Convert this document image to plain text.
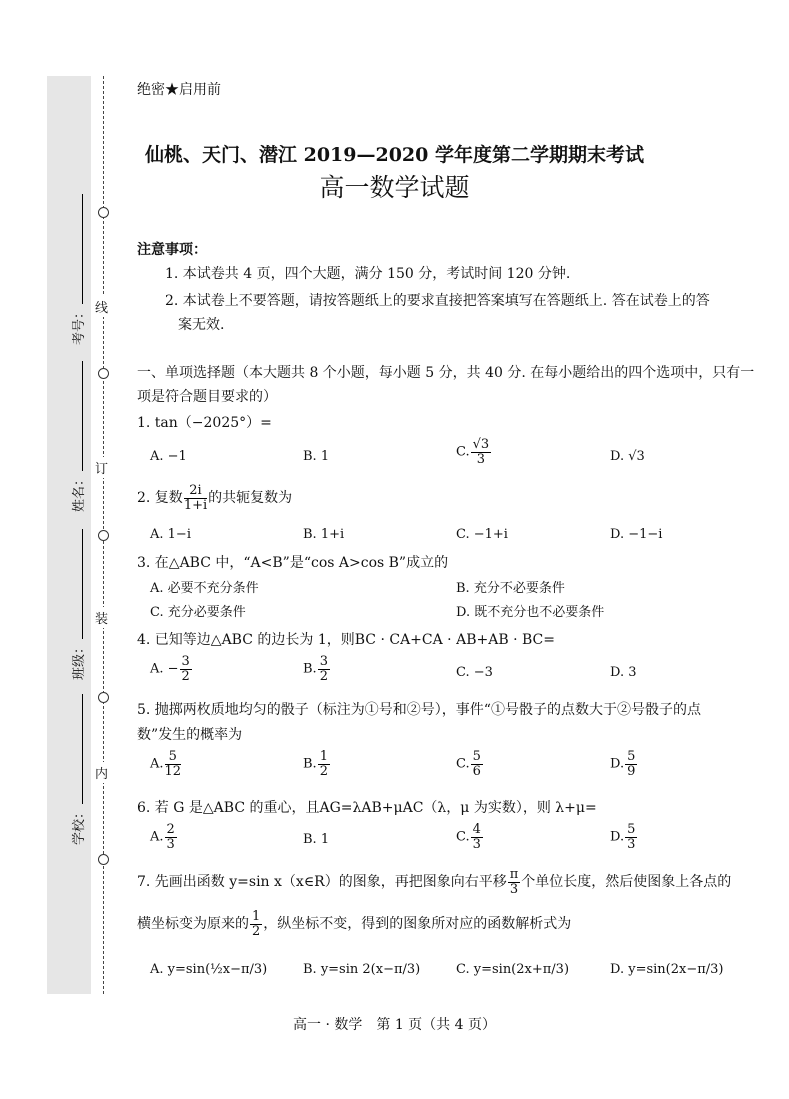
线
订
装
内
考号：
姓名：
班级：
学校：
绝密★启用前
仙桃、天门、潜江 2019—2020 学年度第二学期期末考试
高一数学试题
注意事项：
1. 本试卷共 4 页，四个大题，满分 150 分，考试时间 120 分钟.
2. 本试卷上不要答题，请按答题纸上的要求直接把答案填写在答题纸上. 答在试卷上的答
案无效.
一、单项选择题（本大题共 8 个小题，每小题 5 分，共 40 分. 在每小题给出的四个选项中，只有一
项是符合题目要求的）
1. tan（−2025°）=
A. −1	B. 1	C. $\frac{√3}{3}$	D. √3
2. 复数 $\frac{2i}{1+i}$ 的共轭复数为
A. 1−i	B. 1+i	C. −1+i	D. −1−i
3. 在△ABC 中，“A<B”是“cos A>cos B”成立的
A. 必要不充分条件	B. 充分不必要条件
C. 充分必要条件	D. 既不充分也不必要条件
4. 已知等边△ABC 的边长为 1，则BC · CA+CA · AB+AB · BC=
A. − $\frac{3}{2}$	B. $\frac{3}{2}$	C. −3	D. 3
5. 抛掷两枚质地均匀的骰子（标注为①号和②号），事件“①号骰子的点数大于②号骰子的点
数”发生的概率为
A. $\frac{5}{12}$	B. $\frac{1}{2}$	C. $\frac{5}{6}$	D. $\frac{5}{9}$
6. 若 G 是△ABC 的重心，且AG=λAB+μAC（λ，μ 为实数），则 λ+μ=
A. $\frac{2}{3}$	B. 1	C. $\frac{4}{3}$	D. $\frac{5}{3}$
7. 先画出函数 y=sin x（x∈R）的图象，再把图象向右平移 $\frac{\pi}{3}$ 个单位长度，然后使图象上各点的
横坐标变为原来的 $\frac{1}{2}$ ，纵坐标不变，得到的图象所对应的函数解析式为
A. y=sin(½x−π/3)	B. y=sin 2(x−π/3)	C. y=sin(2x+π/3)	D. y=sin(2x−π/3)
高一 · 数学　第 1 页（共 4 页）
